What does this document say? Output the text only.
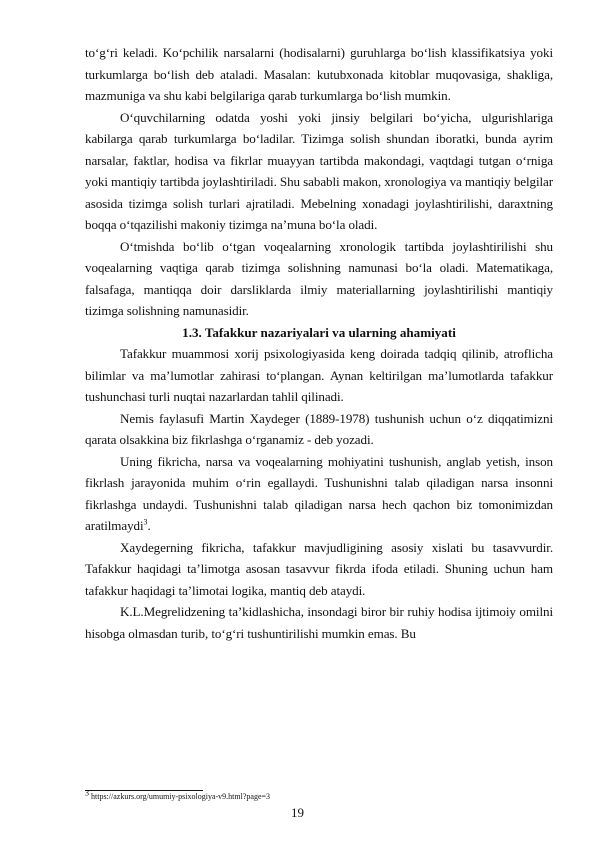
to‘g‘ri keladi. Ko‘pchilik narsalarni (hodisalarni) guruhlarga bo‘lish klassifikatsiya yoki turkumlarga bo‘lish deb ataladi. Masalan: kutubxonada kitoblar muqovasiga, shakliga, mazmuniga va shu kabi belgilariga qarab turkumlarga bo‘lish mumkin.

O‘quvchilarning odatda yoshi yoki jinsiy belgilari bo‘yicha, ulgurishlariga kabilarga qarab turkumlarga bo‘ladilar. Tizimga solish shundan iboratki, bunda ayrim narsalar, faktlar, hodisa va fikrlar muayyan tartibda makondagi, vaqtdagi tutgan o‘rniga yoki mantiqiy tartibda joylashtiriladi. Shu sababli makon, xronologiya va mantiqiy belgilar asosida tizimga solish turlari ajratiladi. Mebelning xonadagi joylashtirilishi, daraxtning boqqa o‘tqazilishi makoniy tizimga na’muna bo‘la oladi.

O‘tmishda bo‘lib o‘tgan voqealarning xronologik tartibda joylashtirilishi shu voqealarning vaqtiga qarab tizimga solishning namunasi bo‘la oladi. Matematikaga, falsafaga, mantiqqa doir darsliklarda ilmiy materiallarning joylashtirilishi mantiqiy tizimga solishning namunasidir.

1.3. Tafakkur nazariyalari va ularning ahamiyati

Tafakkur muammosi xorij psixologiyasida keng doirada tadqiq qilinib, atroflicha bilimlar va ma’lumotlar zahirasi to‘plangan. Aynan keltirilgan ma’lumotlarda tafakkur tushunchasi turli nuqtai nazarlardan tahlil qilinadi.

Nemis faylasufi Martin Xaydeger (1889-1978) tushunish uchun o‘z diqqatimizni qarata olsakkina biz fikrlashga o‘rganamiz - deb yozadi.

Uning fikricha, narsa va voqealarning mohiyatini tushunish, anglab yetish, inson fikrlash jarayonida muhim o‘rin egallaydi. Tushunishni talab qiladigan narsa insonni fikrlashga undaydi. Tushunishni talab qiladigan narsa hech qachon biz tomonimizdan aratilmaydi$^3$.

Xaydegerning fikricha, tafakkur mavjudligining asosiy xislati bu tasavvurdir. Tafakkur haqidagi ta’limotga asosan tasavvur fikrda ifoda etiladi. Shuning uchun ham tafakkur haqidagi ta’limotai logika, mantiq deb ataydi.

K.L.Megrelidzening ta’kidlashicha, insondagi biror bir ruhiy hodisa ijtimoiy omilni hisobga olmasdan turib, to‘g‘ri tushuntirilishi mumkin emas. Bu

$^3$ https://azkurs.org/umumiy-psixologiya-v9.html?page=3
19
